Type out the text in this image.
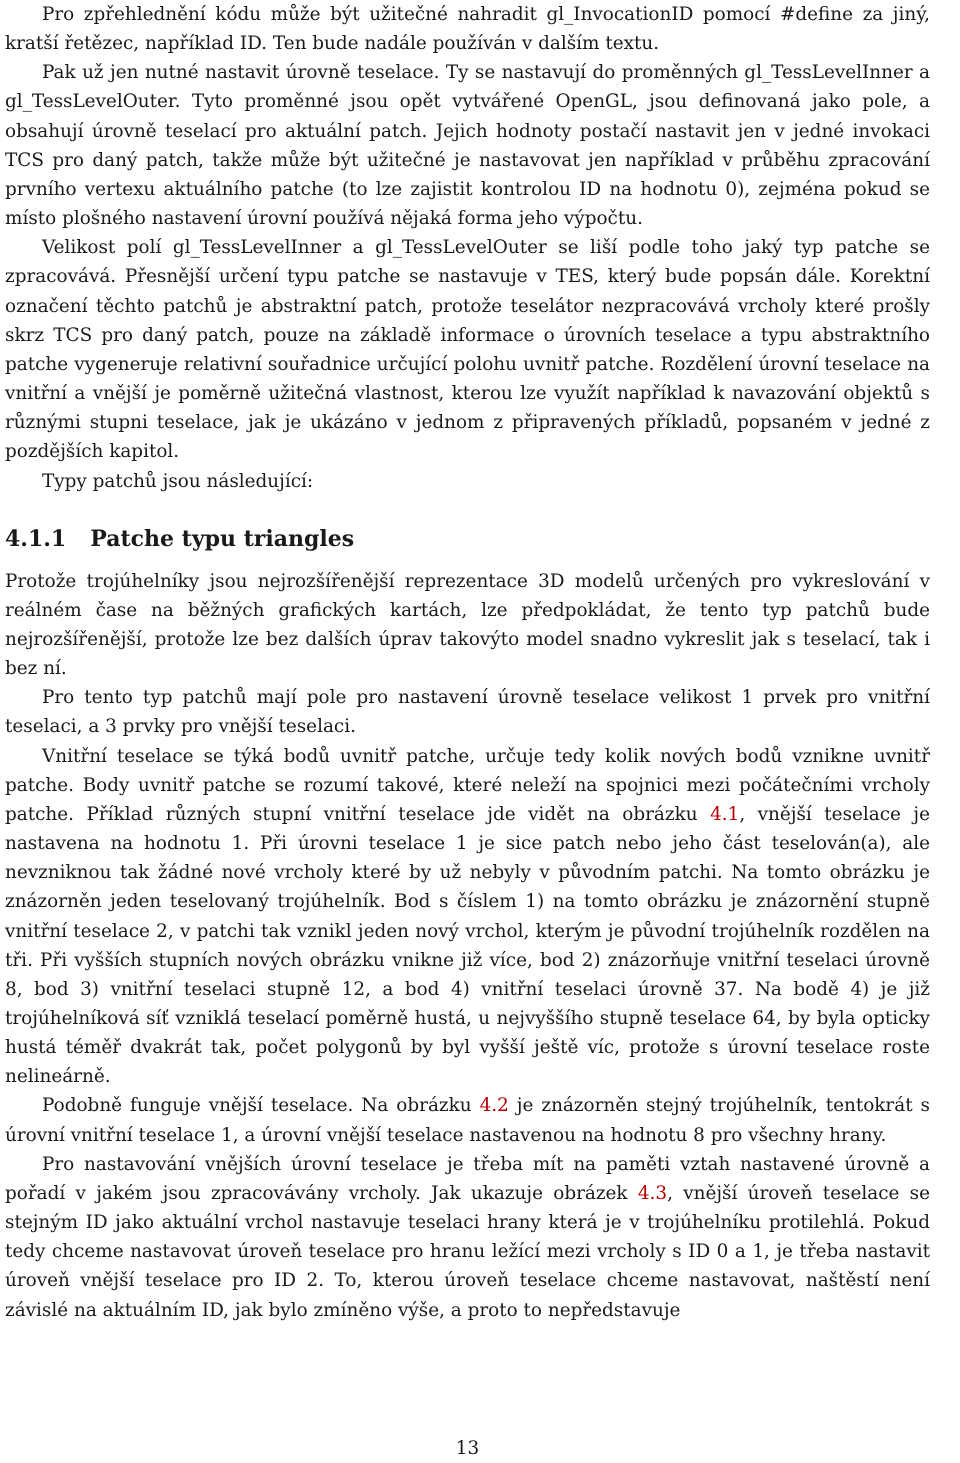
Pro zpřehlednění kódu může být užitečné nahradit gl_InvocationID pomocí #define za jiný, kratší řetězec, například ID. Ten bude nadále používán v dalším textu.

Pak už jen nutné nastavit úrovně teselace. Ty se nastavují do proměnných gl_TessLevelInner a gl_TessLevelOuter. Tyto proměnné jsou opět vytvářené OpenGL, jsou definovaná jako pole, a obsahují úrovně teselací pro aktuální patch. Jejich hodnoty postačí nastavit jen v jedné invokaci TCS pro daný patch, takže může být užitečné je nastavovat jen například v průběhu zpracování prvního vertexu aktuálního patche (to lze zajistit kontrolou ID na hodnotu 0), zejména pokud se místo plošného nastavení úrovní používá nějaká forma jeho výpočtu.

Velikost polí gl_TessLevelInner a gl_TessLevelOuter se liší podle toho jaký typ patche se zpracovává. Přesnější určení typu patche se nastavuje v TES, který bude popsán dále. Korektní označení těchto patchů je abstraktní patch, protože teselátor nezpracovává vrcholy které prošly skrz TCS pro daný patch, pouze na základě informace o úrovních teselace a typu abstraktního patche vygeneruje relativní souřadnice určující polohu uvnitř patche. Rozdělení úrovní teselace na vnitřní a vnější je poměrně užitečná vlastnost, kterou lze využít například k navazování objektů s různými stupni teselace, jak je ukázáno v jednom z připravených příkladů, popsaném v jedné z pozdějších kapitol.

Typy patchů jsou následující:

4.1.1 Patche typu triangles

Protože trojúhelníky jsou nejrozšířenější reprezentace 3D modelů určených pro vykreslování v reálném čase na běžných grafických kartách, lze předpokládat, že tento typ patchů bude nejrozšířenější, protože lze bez dalších úprav takovýto model snadno vykreslit jak s teselací, tak i bez ní.

Pro tento typ patchů mají pole pro nastavení úrovně teselace velikost 1 prvek pro vnitřní teselaci, a 3 prvky pro vnější teselaci.

Vnitřní teselace se týká bodů uvnitř patche, určuje tedy kolik nových bodů vznikne uvnitř patche. Body uvnitř patche se rozumí takové, které neleží na spojnici mezi počátečními vrcholy patche. Příklad různých stupní vnitřní teselace jde vidět na obrázku 4.1, vnější teselace je nastavena na hodnotu 1. Při úrovni teselace 1 je sice patch nebo jeho část teselován(a), ale nevzniknou tak žádné nové vrcholy které by už nebyly v původním patchi. Na tomto obrázku je znázorněn jeden teselovaný trojúhelník. Bod s číslem 1) na tomto obrázku je znázornění stupně vnitřní teselace 2, v patchi tak vznikl jeden nový vrchol, kterým je původní trojúhelník rozdělen na tři. Při vyšších stupních nových obrázku vnikne již více, bod 2) znázorňuje vnitřní teselaci úrovně 8, bod 3) vnitřní teselaci stupně 12, a bod 4) vnitřní teselaci úrovně 37. Na bodě 4) je již trojúhelníková síť vzniklá teselací poměrně hustá, u nejvyššího stupně teselace 64, by byla opticky hustá téměř dvakrát tak, počet polygonů by byl vyšší ještě víc, protože s úrovní teselace roste nelineárně.

Podobně funguje vnější teselace. Na obrázku 4.2 je znázorněn stejný trojúhelník, tentokrát s úrovní vnitřní teselace 1, a úrovní vnější teselace nastavenou na hodnotu 8 pro všechny hrany.

Pro nastavování vnějších úrovní teselace je třeba mít na paměti vztah nastavené úrovně a pořadí v jakém jsou zpracovávány vrcholy. Jak ukazuje obrázek 4.3, vnější úroveň teselace se stejným ID jako aktuální vrchol nastavuje teselaci hrany která je v trojúhelníku protilehlá. Pokud tedy chceme nastavovat úroveň teselace pro hranu ležící mezi vrcholy s ID 0 a 1, je třeba nastavit úroveň vnější teselace pro ID 2. To, kterou úroveň teselace chceme nastavovat, naštěstí není závislé na aktuálním ID, jak bylo zmíněno výše, a proto to nepředstavuje

13
